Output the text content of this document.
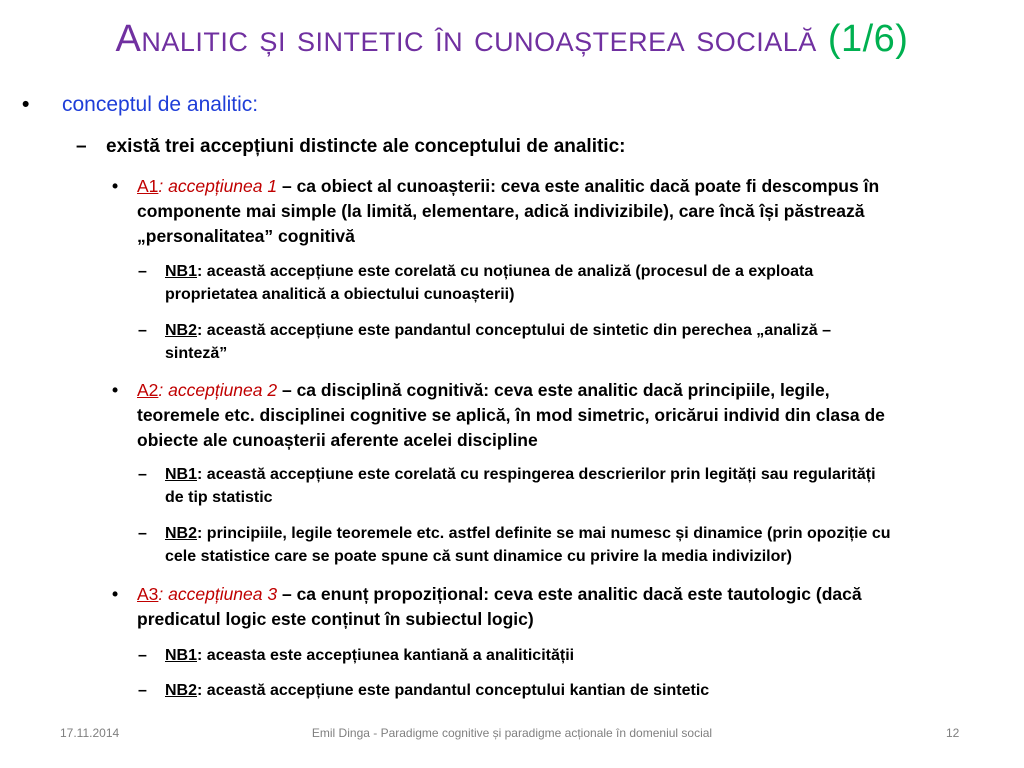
Analitic și sintetic în cunoașterea socială (1/6)
• conceptul de analitic:
– există trei accepțiuni distincte ale conceptului de analitic:
• A1: accepțiunea 1 – ca obiect al cunoașterii: ceva este analitic dacă poate fi descompus în
componente mai simple (la limită, elementare, adică indivizibile), care încă își păstrează
„personalitatea” cognitivă
– NB1: această accepțiune este corelată cu noțiunea de analiză (procesul de a exploata
proprietatea analitică a obiectului cunoașterii)
– NB2: această accepțiune este pandantul conceptului de sintetic din perechea „analiză –
sinteză”
• A2: accepțiunea 2 – ca disciplină cognitivă: ceva este analitic dacă principiile, legile,
teoremele etc. disciplinei cognitive se aplică, în mod simetric, oricărui individ din clasa de
obiecte ale cunoașterii aferente acelei discipline
– NB1: această accepțiune este corelată cu respingerea descrierilor prin legități sau regularități
de tip statistic
– NB2: principiile, legile teoremele etc. astfel definite se mai numesc și dinamice (prin opoziție cu
cele statistice care se poate spune că sunt dinamice cu privire la media indivizilor)
• A3: accepțiunea 3 – ca enunț propozițional: ceva este analitic dacă este tautologic (dacă
predicatul logic este conținut în subiectul logic)
– NB1: aceasta este accepțiunea kantiană a analiticității
– NB2: această accepțiune este pandantul conceptului kantian de sintetic
17.11.2014	Emil Dinga - Paradigme cognitive și paradigme acționale în domeniul social	12
